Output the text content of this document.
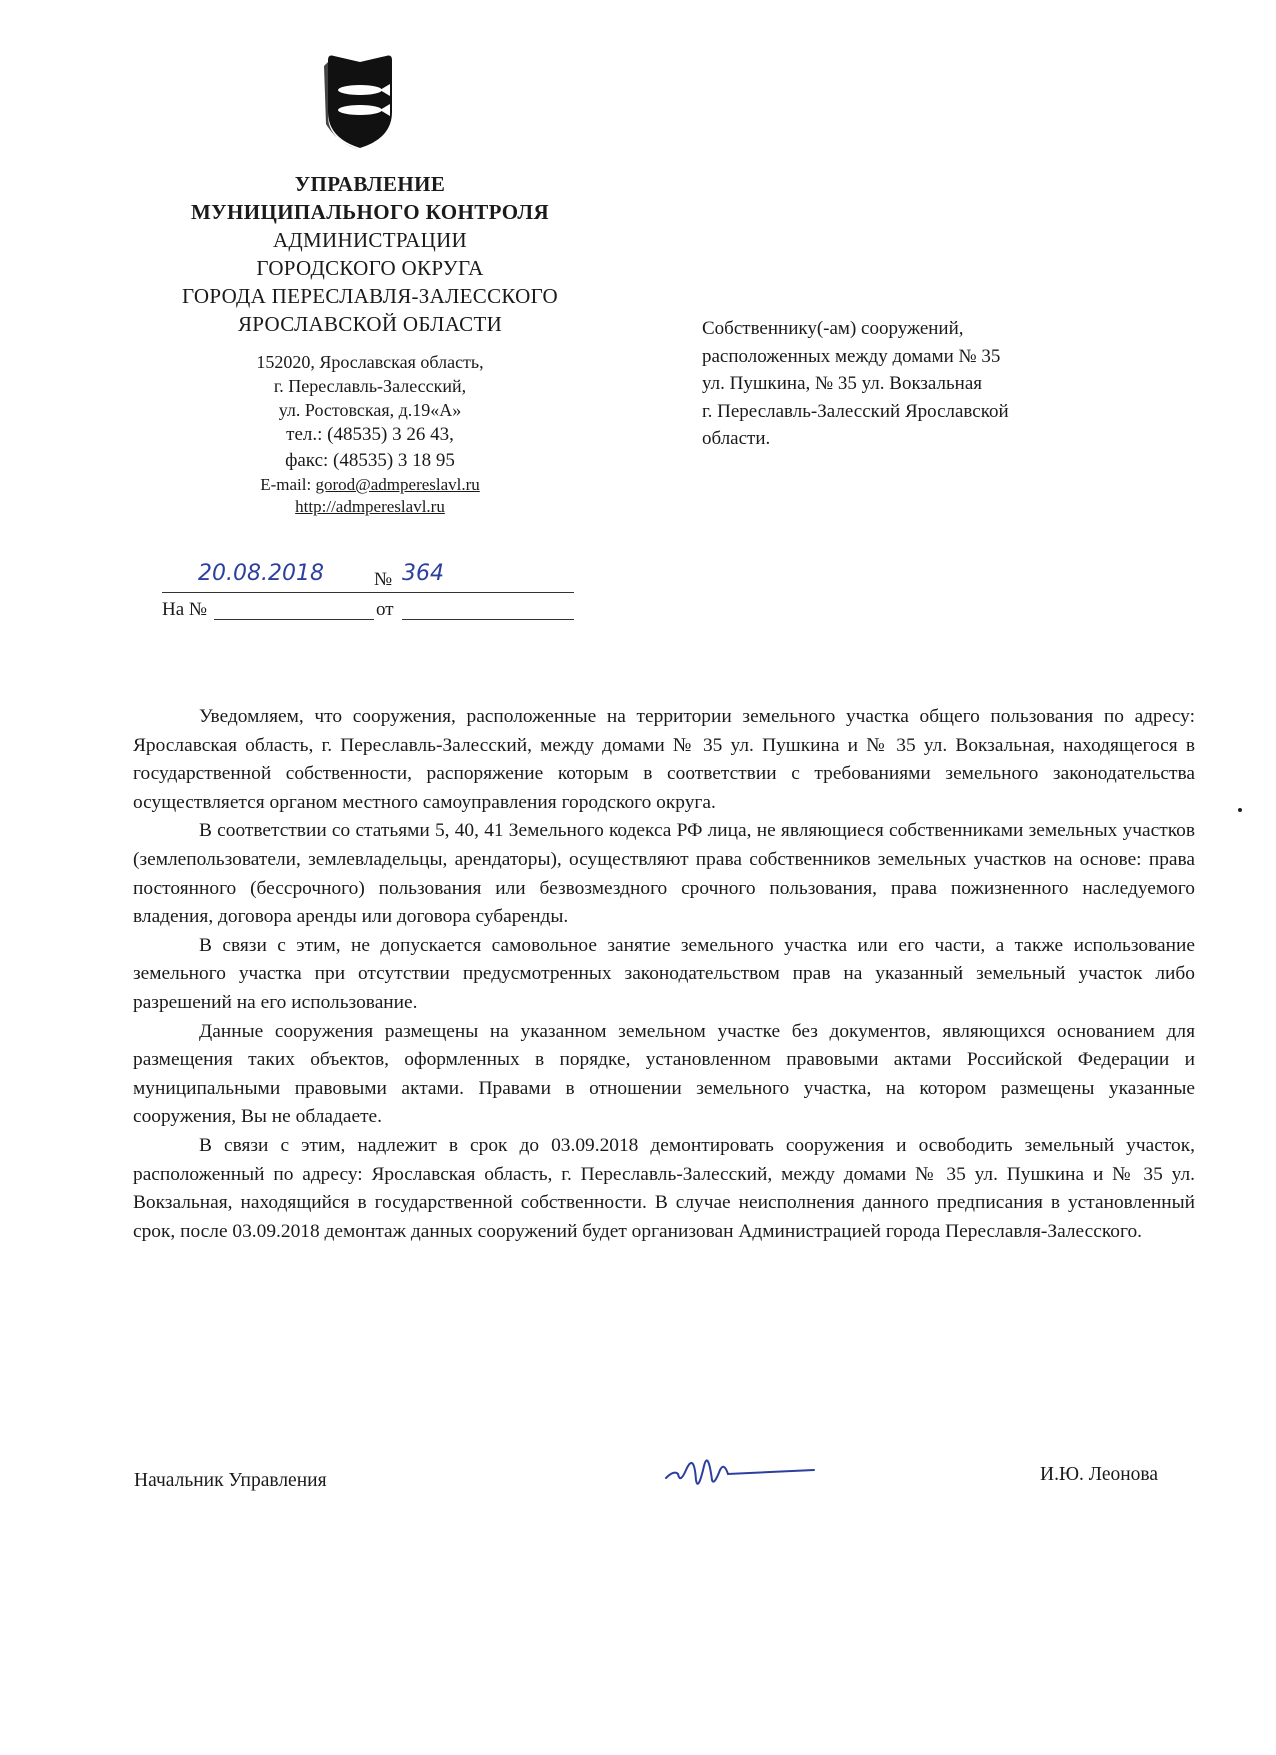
УПРАВЛЕНИЕ
МУНИЦИПАЛЬНОГО КОНТРОЛЯ
АДМИНИСТРАЦИИ
ГОРОДСКОГО ОКРУГА
ГОРОДА ПЕРЕСЛАВЛЯ-ЗАЛЕССКОГО
ЯРОСЛАВСКОЙ ОБЛАСТИ
152020, Ярославская область,
г. Переславль-Залесский,
ул. Ростовская, д.19«А»
тел.: (48535) 3 26 43,
факс: (48535) 3 18 95
E-mail: gorod@admpereslavl.ru
http://admpereslavl.ru
Собственнику(-ам) сооружений,
расположенных между домами № 35
ул. Пушкина, № 35 ул. Вокзальная
г. Переславль-Залесский Ярославской
области.
20.08.2018	№ 364
На №	от

Уведомляем, что сооружения, расположенные на территории земельного участка общего пользования по адресу: Ярославская область, г. Переславль-Залесский, между домами № 35 ул. Пушкина и № 35 ул. Вокзальная, находящегося в государственной собственности, распоряжение которым в соответствии с требованиями земельного законодательства осуществляется органом местного самоуправления городского округа.

В соответствии со статьями 5, 40, 41 Земельного кодекса РФ лица, не являющиеся собственниками земельных участков (землепользователи, землевладельцы, арендаторы), осуществляют права собственников земельных участков на основе: права постоянного (бессрочного) пользования или безвозмездного срочного пользования, права пожизненного наследуемого владения, договора аренды или договора субаренды.

В связи с этим, не допускается самовольное занятие земельного участка или его части, а также использование земельного участка при отсутствии предусмотренных законодательством прав на указанный земельный участок либо разрешений на его использование.

Данные сооружения размещены на указанном земельном участке без документов, являющихся основанием для размещения таких объектов, оформленных в порядке, установленном правовыми актами Российской Федерации и муниципальными правовыми актами. Правами в отношении земельного участка, на котором размещены указанные сооружения, Вы не обладаете.

В связи с этим, надлежит в срок до 03.09.2018 демонтировать сооружения и освободить земельный участок, расположенный по адресу: Ярославская область, г. Переславль-Залесский, между домами № 35 ул. Пушкина и № 35 ул. Вокзальная, находящийся в государственной собственности. В случае неисполнения данного предписания в установленный срок, после 03.09.2018 демонтаж данных сооружений будет организован Администрацией города Переславля-Залесского.

Начальник Управления	И.Ю. Леонова
